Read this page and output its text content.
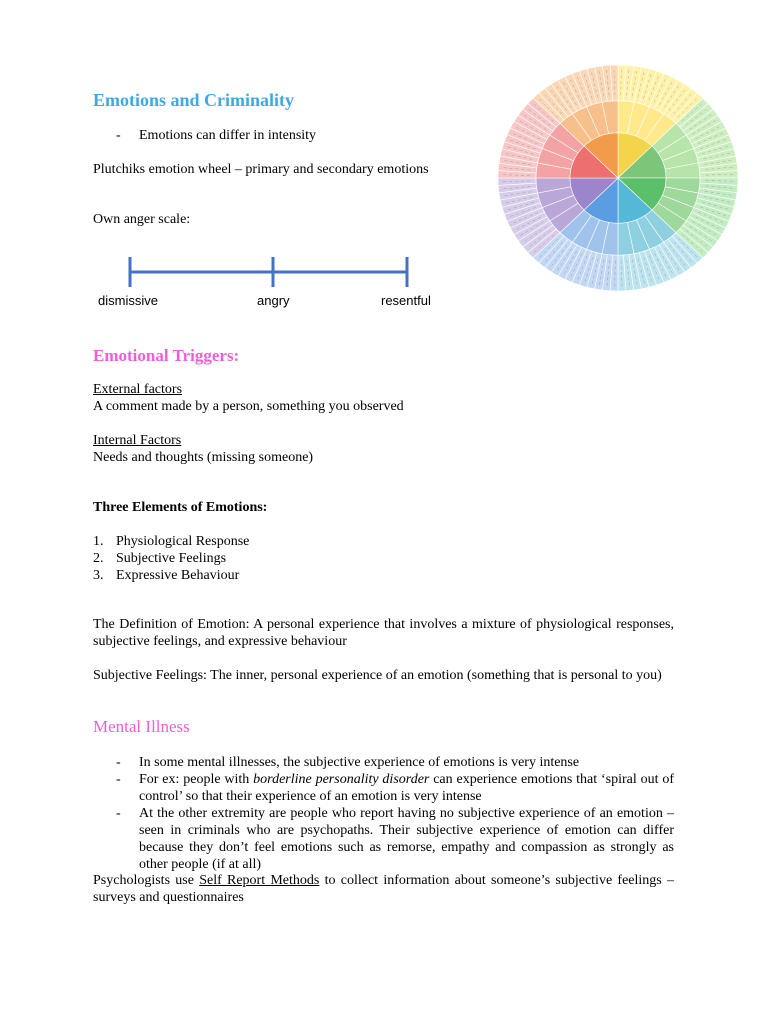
Emotions and Criminality
- Emotions can differ in intensity
Plutchiks emotion wheel – primary and secondary emotions
Own anger scale:
dismissive	angry	resentful
Emotional Triggers:
External factors
A comment made by a person, something you observed
Internal Factors
Needs and thoughts (missing someone)
Three Elements of Emotions:
1. Physiological Response
2. Subjective Feelings
3. Expressive Behaviour
The Definition of Emotion: A personal experience that involves a mixture of physiological responses, subjective feelings, and expressive behaviour
Subjective Feelings: The inner, personal experience of an emotion (something that is personal to you)
Mental Illness
- In some mental illnesses, the subjective experience of emotions is very intense
- For ex: people with borderline personality disorder can experience emotions that ‘spiral out of control’ so that their experience of an emotion is very intense
- At the other extremity are people who report having no subjective experience of an emotion – seen in criminals who are psychopaths. Their subjective experience of emotion can differ because they don’t feel emotions such as remorse, empathy and compassion as strongly as other people (if at all)
Psychologists use Self Report Methods to collect information about someone’s subjective feelings – surveys and questionnaires
